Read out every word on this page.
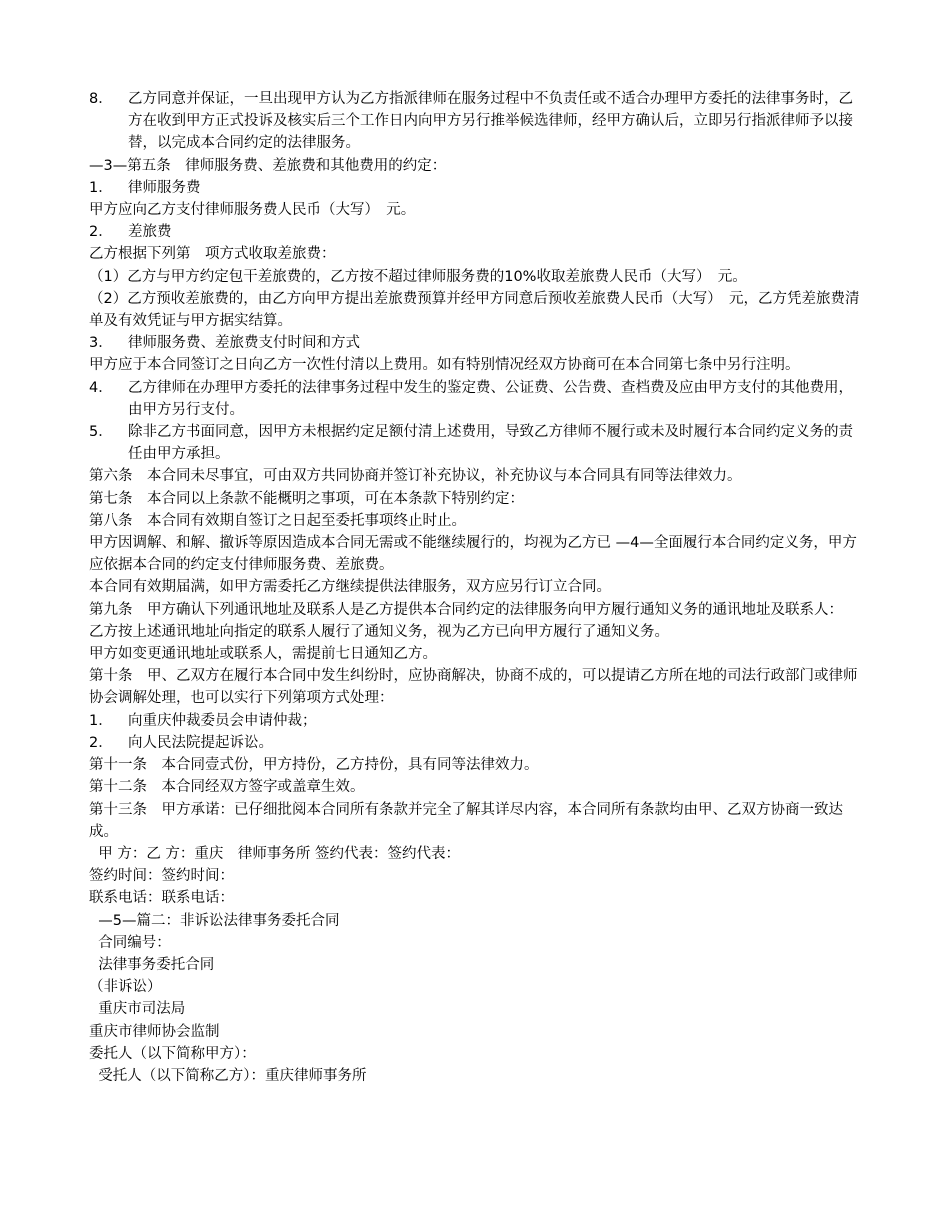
8． 乙方同意并保证，一旦出现甲方认为乙方指派律师在服务过程中不负责任或不适合办理甲方委托的法律事务时，乙方在收到甲方正式投诉及核实后三个工作日内向甲方另行推举候选律师，经甲方确认后，立即另行指派律师予以接替，以完成本合同约定的法律服务。

—3—第五条　律师服务费、差旅费和其他费用的约定：

1． 律师服务费

甲方应向乙方支付律师服务费人民币（大写）　元。

2． 差旅费

乙方根据下列第　项方式收取差旅费：

（1）乙方与甲方约定包干差旅费的，乙方按不超过律师服务费的10%收取差旅费人民币（大写）　元。

（2）乙方预收差旅费的，由乙方向甲方提出差旅费预算并经甲方同意后预收差旅费人民币（大写）　元，乙方凭差旅费清单及有效凭证与甲方据实结算。

3． 律师服务费、差旅费支付时间和方式

甲方应于本合同签订之日向乙方一次性付清以上费用。如有特别情况经双方协商可在本合同第七条中另行注明。

4． 乙方律师在办理甲方委托的法律事务过程中发生的鉴定费、公证费、公告费、查档费及应由甲方支付的其他费用，由甲方另行支付。

5． 除非乙方书面同意，因甲方未根据约定足额付清上述费用，导致乙方律师不履行或未及时履行本合同约定义务的责任由甲方承担。

第六条　本合同未尽事宜，可由双方共同协商并签订补充协议，补充协议与本合同具有同等法律效力。

第七条　本合同以上条款不能概明之事项，可在本条款下特别约定：

第八条　本合同有效期自签订之日起至委托事项终止时止。

甲方因调解、和解、撤诉等原因造成本合同无需或不能继续履行的，均视为乙方已 —4—全面履行本合同约定义务，甲方应依据本合同的约定支付律师服务费、差旅费。

本合同有效期届满，如甲方需委托乙方继续提供法律服务，双方应另行订立合同。

第九条　甲方确认下列通讯地址及联系人是乙方提供本合同约定的法律服务向甲方履行通知义务的通讯地址及联系人：

乙方按上述通讯地址向指定的联系人履行了通知义务，视为乙方已向甲方履行了通知义务。

甲方如变更通讯地址或联系人，需提前七日通知乙方。

第十条　甲、乙双方在履行本合同中发生纠纷时，应协商解决，协商不成的，可以提请乙方所在地的司法行政部门或律师协会调解处理，也可以实行下列第项方式处理：

1． 向重庆仲裁委员会申请仲裁；

2． 向人民法院提起诉讼。

第十一条　本合同壹式份，甲方持份，乙方持份，具有同等法律效力。

第十二条　本合同经双方签字或盖章生效。

第十三条　甲方承诺：已仔细批阅本合同所有条款并完全了解其详尽内容，本合同所有条款均由甲、乙双方协商一致达成。

甲 方：乙 方：重庆　律师事务所 签约代表：签约代表：

签约时间：签约时间：

联系电话：联系电话：

—5—篇二：非诉讼法律事务委托合同

合同编号：

法律事务委托合同

（非诉讼）

重庆市司法局

重庆市律师协会监制

委托人（以下简称甲方）：

受托人（以下简称乙方）：重庆律师事务所
